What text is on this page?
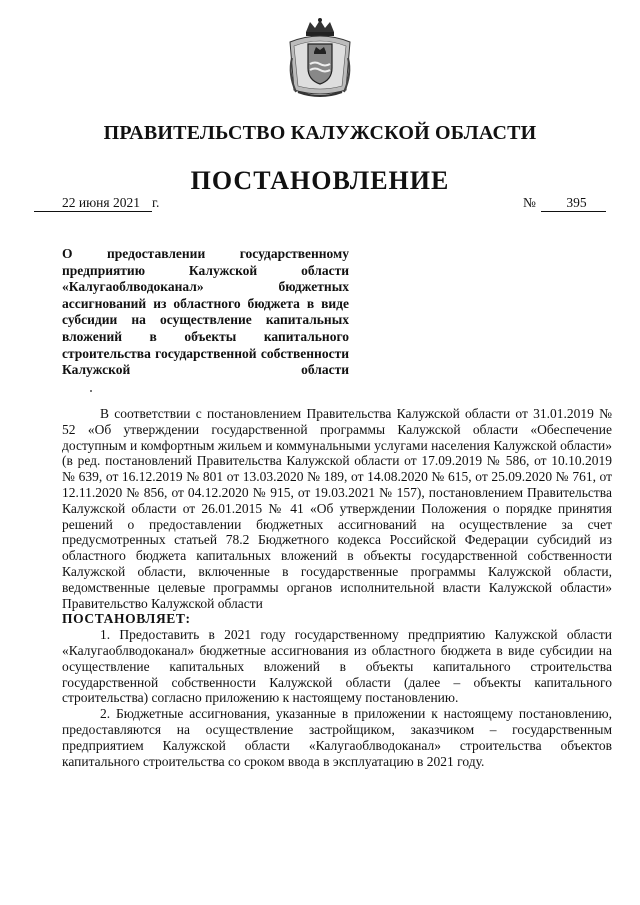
ПРАВИТЕЛЬСТВО КАЛУЖСКОЙ ОБЛАСТИ
ПОСТАНОВЛЕНИЕ
22 июня 2021 г.	№	395
О предоставлении государственному предприятию Калужской области «Калугаоблводоканал» бюджетных ассигнований из областного бюджета в виде субсидии на осуществление капитальных вложений в объекты капитального строительства государственной собственности Калужской области

В соответствии с постановлением Правительства Калужской области от 31.01.2019 № 52 «Об утверждении государственной программы Калужской области «Обеспечение доступным и комфортным жильем и коммунальными услугами населения Калужской области» (в ред. постановлений Правительства Калужской области от 17.09.2019 № 586, от 10.10.2019 № 639, от 16.12.2019 № 801 от 13.03.2020 № 189, от 14.08.2020 № 615, от 25.09.2020 № 761, от 12.11.2020 № 856, от 04.12.2020 № 915, от 19.03.2021 № 157), постановлением Правительства Калужской области от 26.01.2015 № 41 «Об утверждении Положения о порядке принятия решений о предоставлении бюджетных ассигнований на осуществление за счет предусмотренных статьей 78.2 Бюджетного кодекса Российской Федерации субсидий из областного бюджета капитальных вложений в объекты государственной собственности Калужской области, включенные в государственные программы Калужской области, ведомственные целевые программы органов исполнительной власти Калужской области» Правительство Калужской области

ПОСТАНОВЛЯЕТ:

1. Предоставить в 2021 году государственному предприятию Калужской области «Калугаоблводоканал» бюджетные ассигнования из областного бюджета в виде субсидии на осуществление капитальных вложений в объекты капитального строительства государственной собственности Калужской области (далее – объекты капитального строительства) согласно приложению к настоящему постановлению.

2. Бюджетные ассигнования, указанные в приложении к настоящему постановлению, предоставляются на осуществление застройщиком, заказчиком – государственным предприятием Калужской области «Калугаоблводоканал» строительства объектов капитального строительства со сроком ввода в эксплуатацию в 2021 году.
